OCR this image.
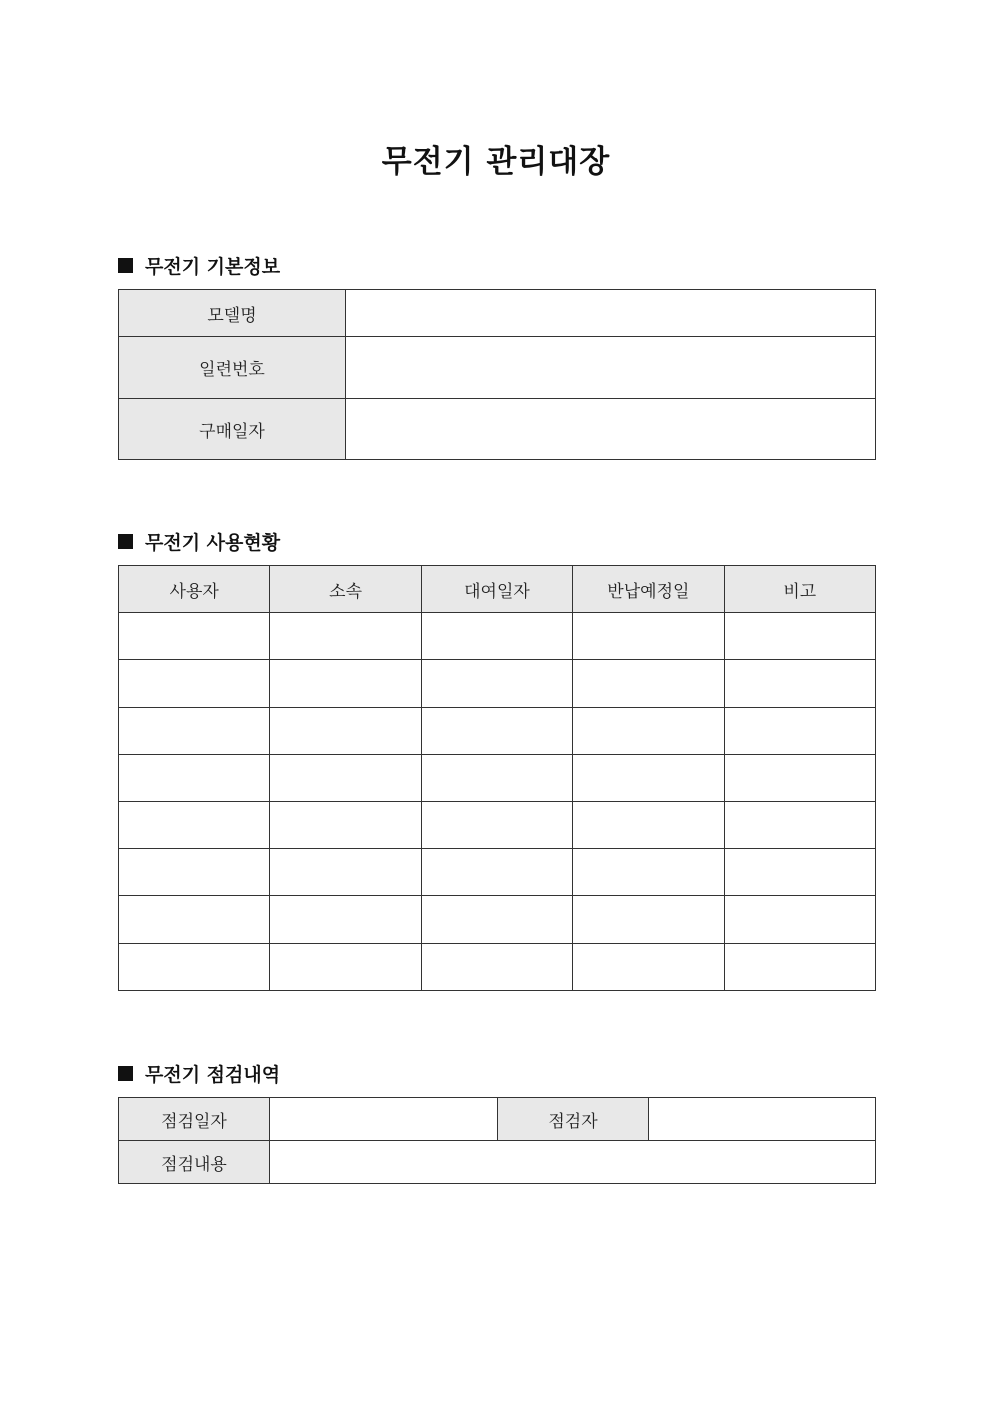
무전기 관리대장
무전기 기본정보
모델명	
일련번호	
구매일자	
무전기 사용현황
사용자	소속	대여일자	반납예정일	비고

무전기 점검내역
점검일자		점검자	
점검내용			
